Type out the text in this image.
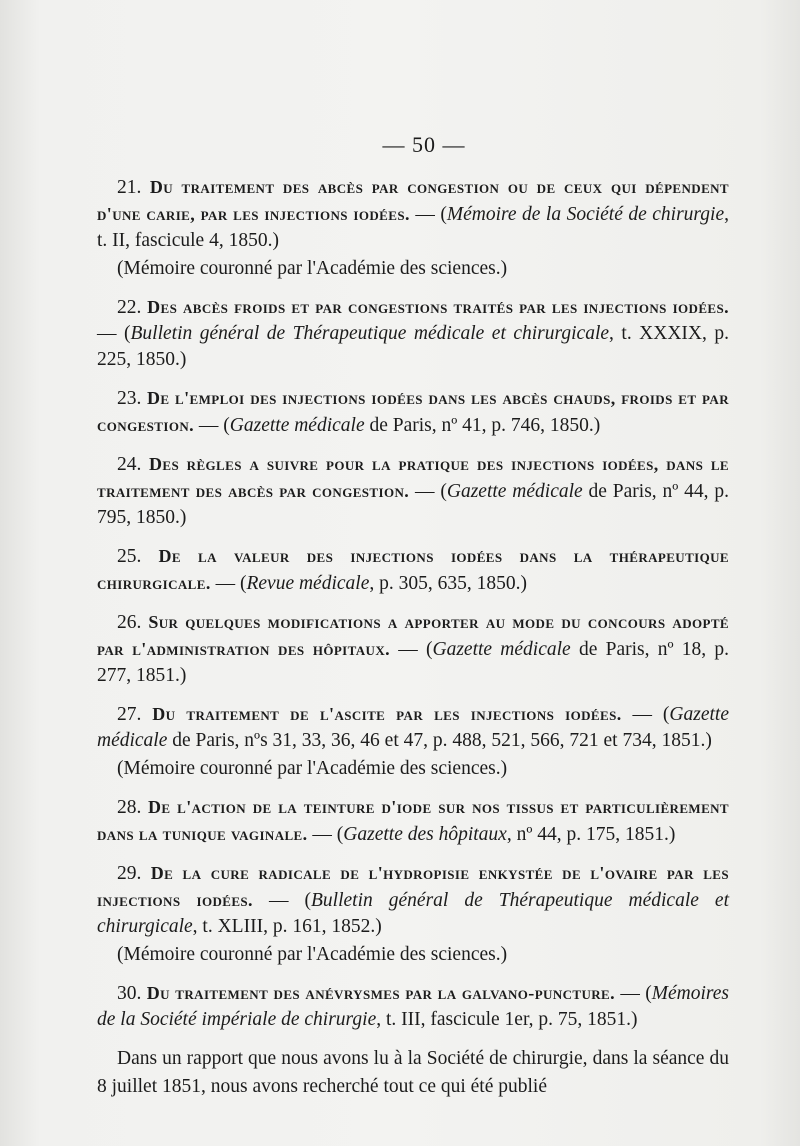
— 50 —

21. Du traitement des abcès par congestion ou de ceux qui dépendent d'une carie, par les injections iodées. — (Mémoire de la Société de chirurgie, t. II, fascicule 4, 1850.)
(Mémoire couronné par l'Académie des sciences.)

22. Des abcès froids et par congestions traités par les injections iodées. — (Bulletin général de Thérapeutique médicale et chirurgicale, t. XXXIX, p. 225, 1850.)

23. De l'emploi des injections iodées dans les abcès chauds, froids et par congestion. — (Gazette médicale de Paris, nº 41, p. 746, 1850.)

24. Des règles a suivre pour la pratique des injections iodées, dans le traitement des abcès par congestion. — (Gazette médicale de Paris, nº 44, p. 795, 1850.)

25. De la valeur des injections iodées dans la thérapeutique chirurgicale. — (Revue médicale, p. 305, 635, 1850.)

26. Sur quelques modifications a apporter au mode du concours adopté par l'administration des hôpitaux. — (Gazette médicale de Paris, nº 18, p. 277, 1851.)

27. Du traitement de l'ascite par les injections iodées. — (Gazette médicale de Paris, nºs 31, 33, 36, 46 et 47, p. 488, 521, 566, 721 et 734, 1851.)
(Mémoire couronné par l'Académie des sciences.)

28. De l'action de la teinture d'iode sur nos tissus et particulièrement dans la tunique vaginale. — (Gazette des hôpitaux, nº 44, p. 175, 1851.)

29. De la cure radicale de l'hydropisie enkystée de l'ovaire par les injections iodées. — (Bulletin général de Thérapeutique médicale et chirurgicale, t. XLIII, p. 161, 1852.)
(Mémoire couronné par l'Académie des sciences.)

30. Du traitement des anévrysmes par la galvano-puncture. — (Mémoires de la Société impériale de chirurgie, t. III, fascicule 1er, p. 75, 1851.)

Dans un rapport que nous avons lu à la Société de chirurgie, dans la séance du 8 juillet 1851, nous avons recherché tout ce qui été publié
